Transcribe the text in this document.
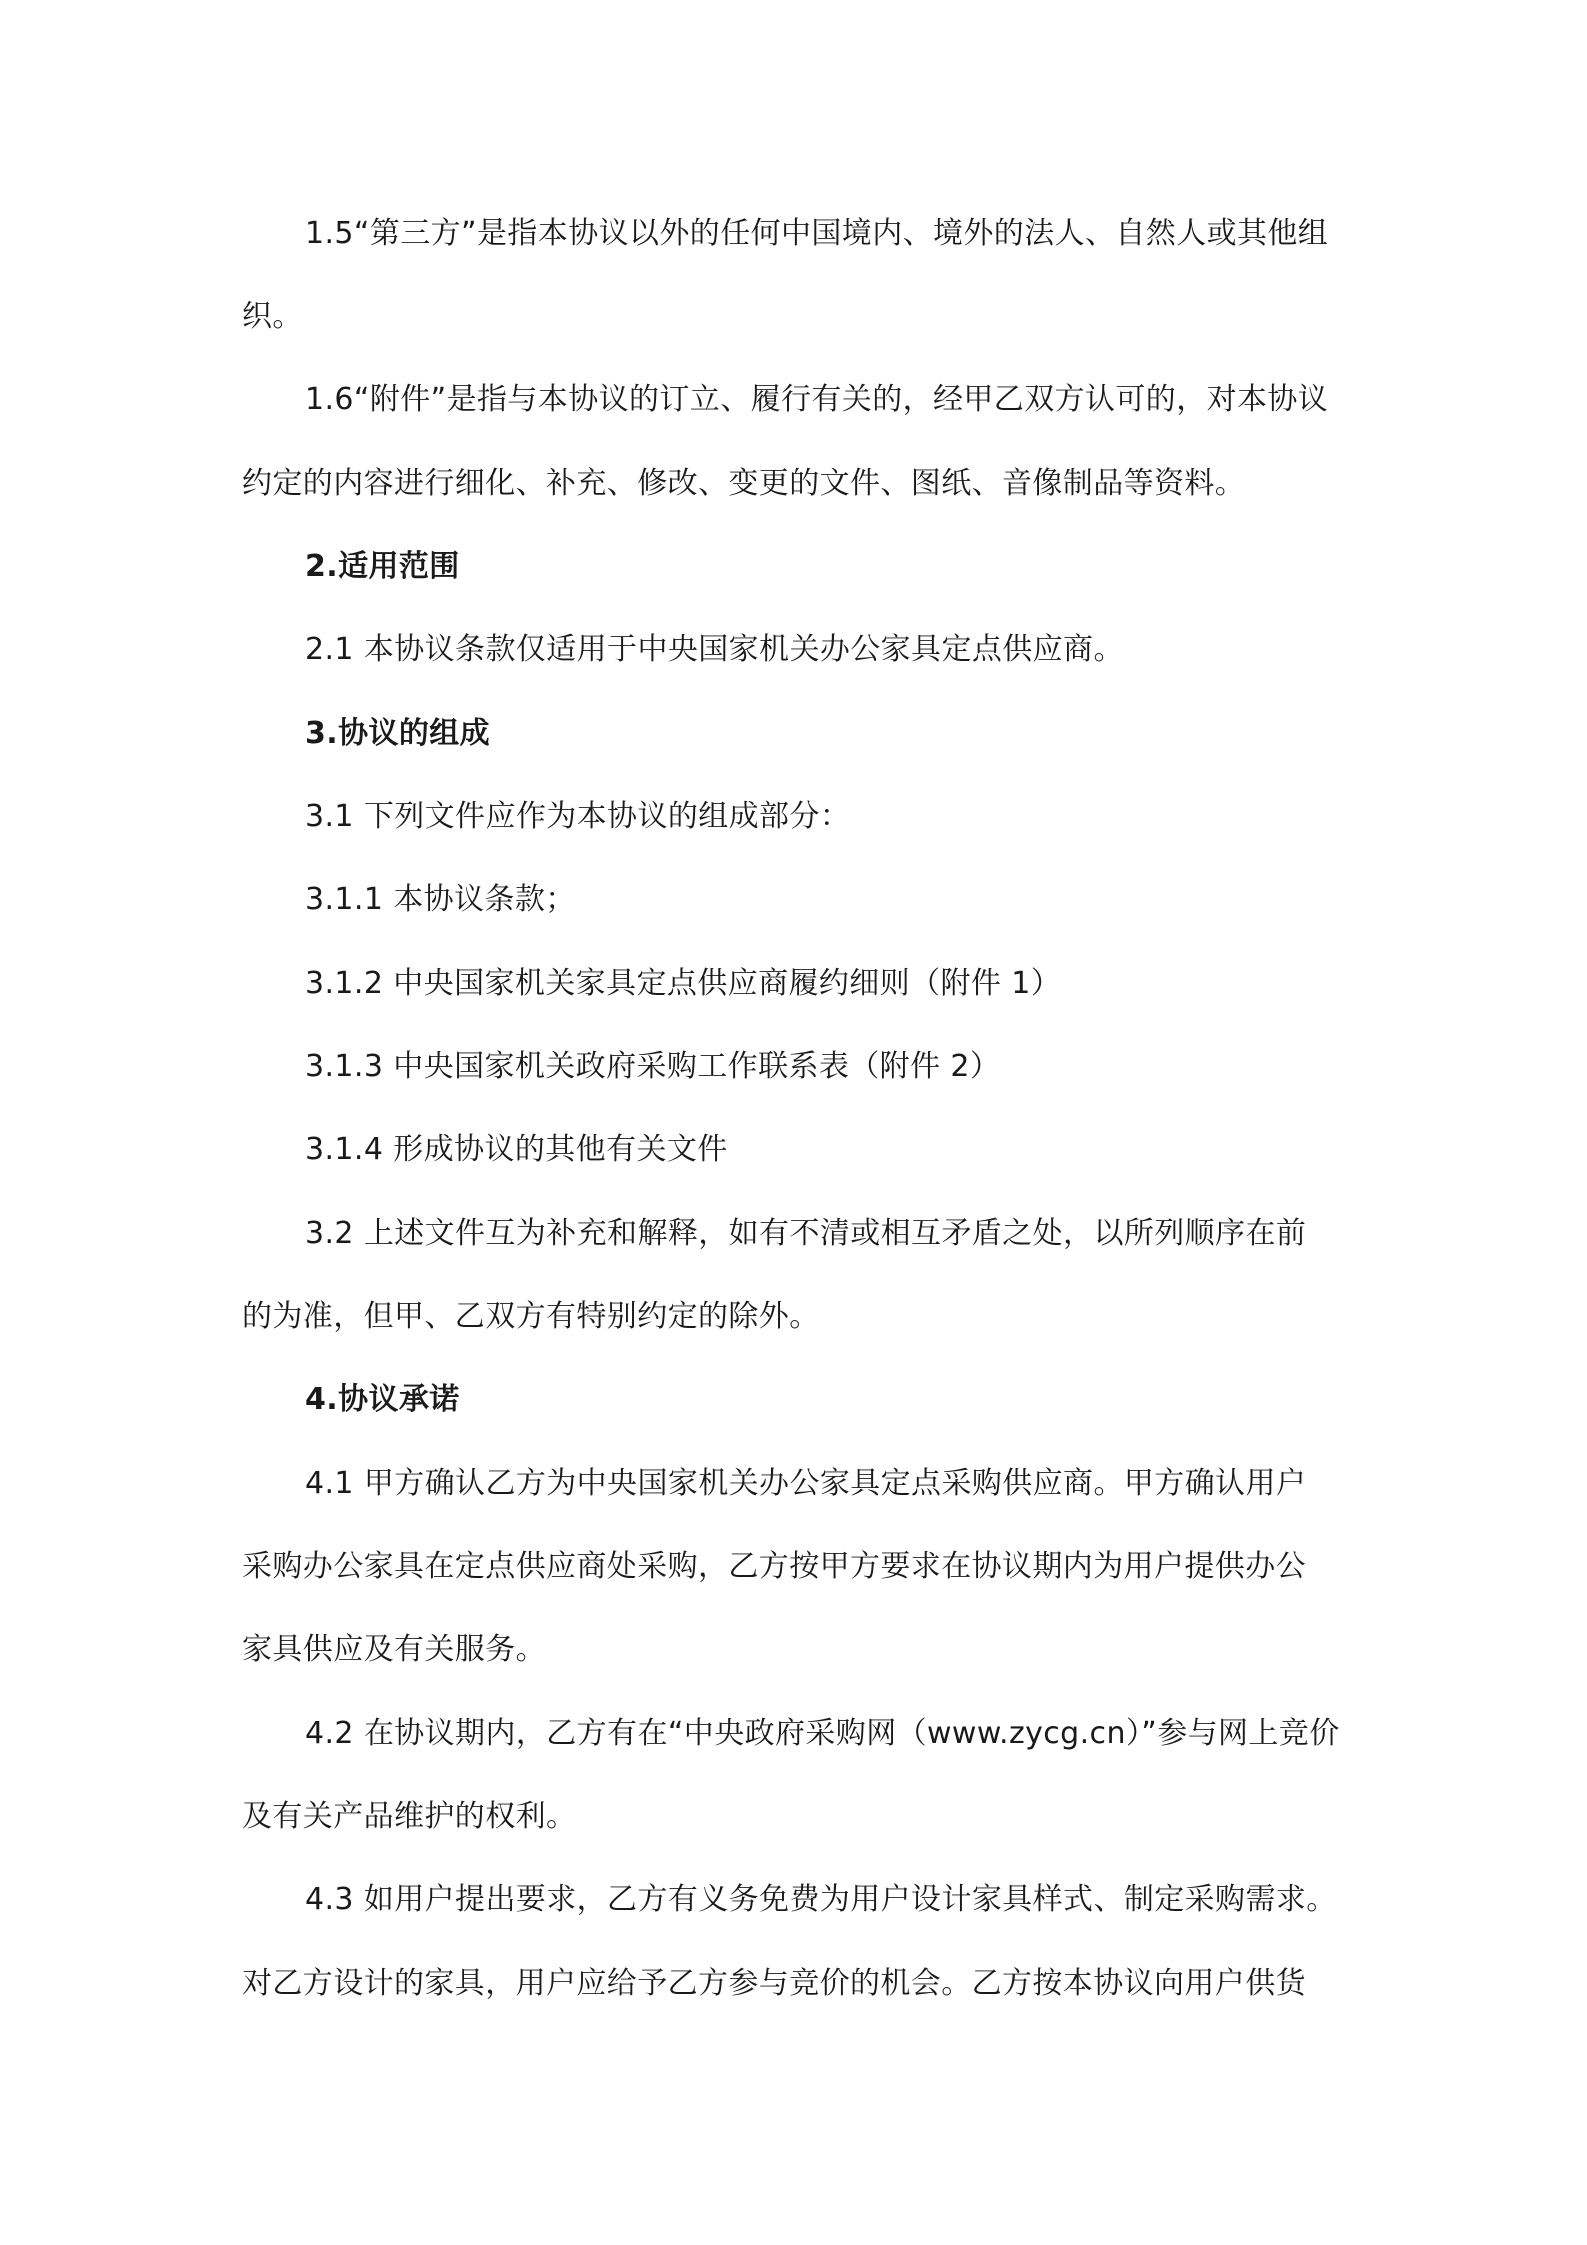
1.5“第三方”是指本协议以外的任何中国境内、境外的法人、自然人或其他组
织。
1.6“附件”是指与本协议的订立、履行有关的，经甲乙双方认可的，对本协议
约定的内容进行细化、补充、修改、变更的文件、图纸、音像制品等资料。
2.适用范围
2.1 本协议条款仅适用于中央国家机关办公家具定点供应商。
3.协议的组成
3.1 下列文件应作为本协议的组成部分：
3.1.1 本协议条款；
3.1.2 中央国家机关家具定点供应商履约细则（附件 1）
3.1.3 中央国家机关政府采购工作联系表（附件 2）
3.1.4 形成协议的其他有关文件
3.2 上述文件互为补充和解释，如有不清或相互矛盾之处，以所列顺序在前
的为准，但甲、乙双方有特别约定的除外。
4.协议承诺
4.1 甲方确认乙方为中央国家机关办公家具定点采购供应商。甲方确认用户
采购办公家具在定点供应商处采购，乙方按甲方要求在协议期内为用户提供办公
家具供应及有关服务。
4.2 在协议期内，乙方有在“中央政府采购网（www.zycg.cn）”参与网上竞价
及有关产品维护的权利。
4.3 如用户提出要求，乙方有义务免费为用户设计家具样式、制定采购需求。
对乙方设计的家具，用户应给予乙方参与竞价的机会。乙方按本协议向用户供货
